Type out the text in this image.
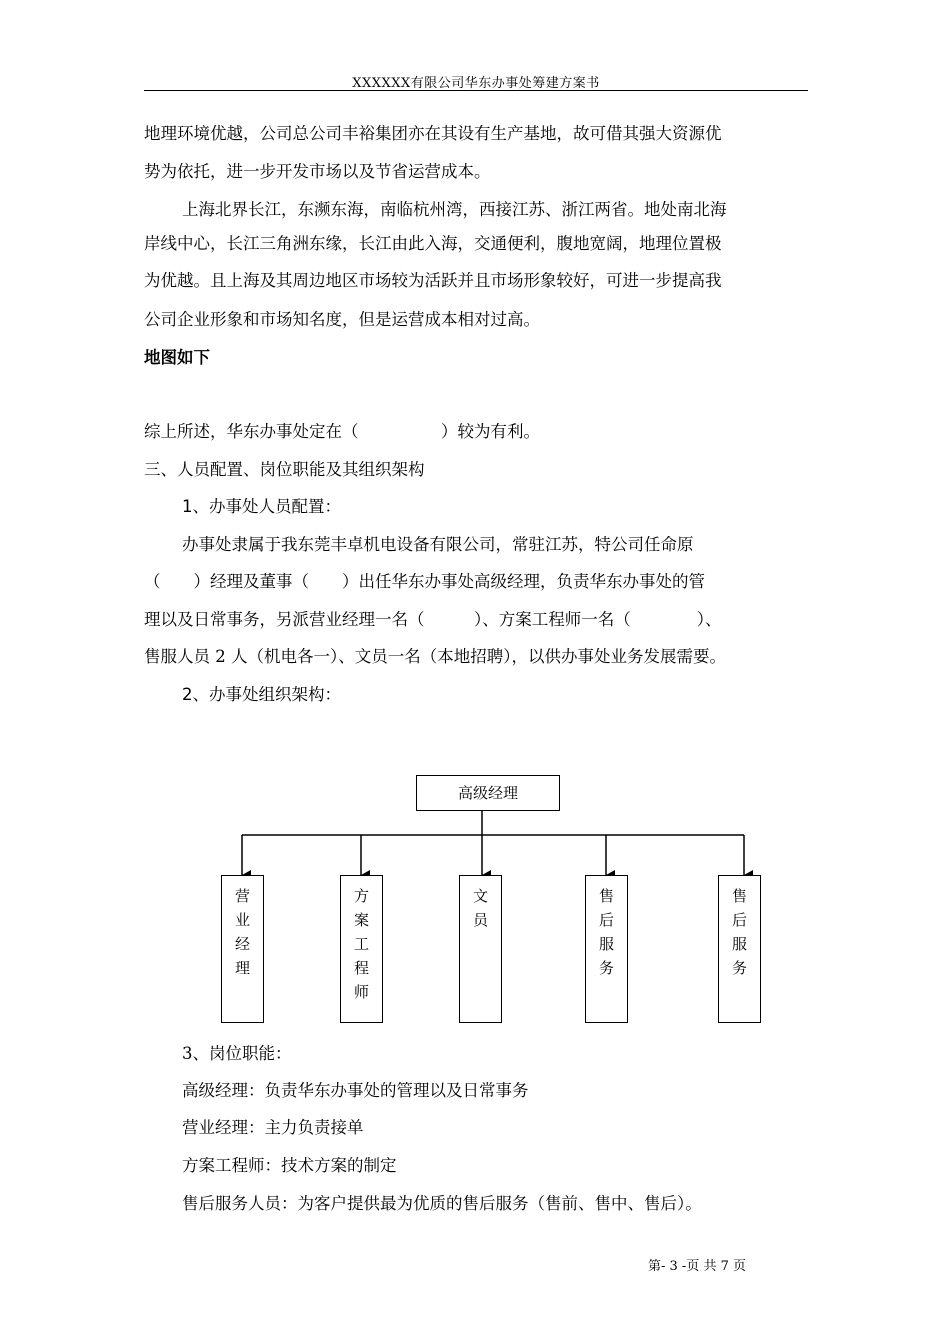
XXXXXX有限公司华东办事处筹建方案书
地理环境优越，公司总公司丰裕集团亦在其设有生产基地，故可借其强大资源优
势为依托，进一步开发市场以及节省运营成本。
上海北界长江，东濒东海，南临杭州湾，西接江苏、浙江两省。地处南北海
岸线中心，长江三角洲东缘，长江由此入海，交通便利，腹地宽阔，地理位置极
为优越。且上海及其周边地区市场较为活跃并且市场形象较好，可进一步提高我
公司企业形象和市场知名度，但是运营成本相对过高。
地图如下
综上所述，华东办事处定在（　　　　　）较为有利。
三、人员配置、岗位职能及其组织架构
1、办事处人员配置：
办事处隶属于我东莞丰卓机电设备有限公司，常驻江苏，特公司任命原
（　　）经理及董事（　　）出任华东办事处高级经理，负责华东办事处的管
理以及日常事务，另派营业经理一名（　　　）、方案工程师一名（　　　　）、
售服人员 2 人（机电各一）、文员一名（本地招聘），以供办事处业务发展需要。
2、办事处组织架构：
高级经理
营
业
经
理
方
案
工
程
师
文
员
售
后
服
务
售
后
服
务
3、岗位职能：
高级经理：负责华东办事处的管理以及日常事务
营业经理：主力负责接单
方案工程师：技术方案的制定
售后服务人员：为客户提供最为优质的售后服务（售前、售中、售后）。
第- 3 -页 共 7 页
